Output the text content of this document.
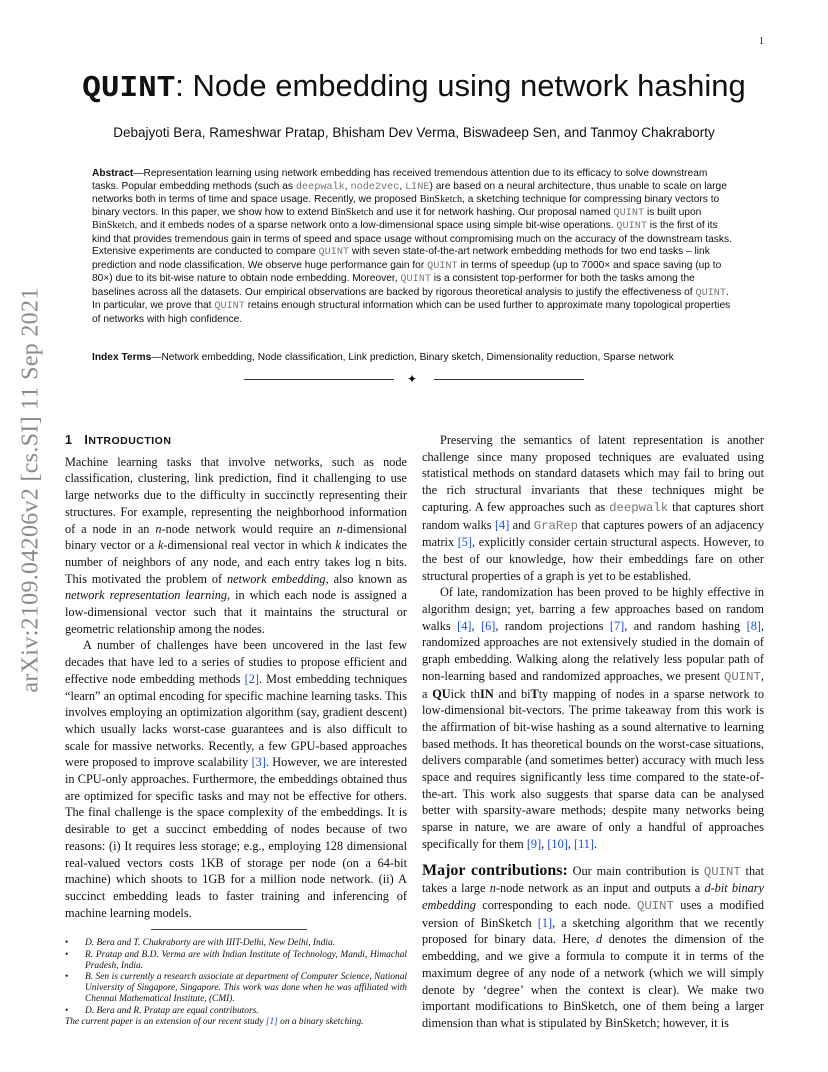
1
arXiv:2109.04206v2 [cs.SI] 11 Sep 2021
QUINT: Node embedding using network hashing
Debajyoti Bera, Rameshwar Pratap, Bhisham Dev Verma, Biswadeep Sen, and Tanmoy Chakraborty

Abstract—Representation learning using network embedding has received tremendous attention due to its efficacy to solve downstream tasks. Popular embedding methods (such as deepwalk, node2vec, LINE) are based on a neural architecture, thus unable to scale on large networks both in terms of time and space usage. Recently, we proposed BinSketch, a sketching technique for compressing binary vectors to binary vectors. In this paper, we show how to extend BinSketch and use it for network hashing. Our proposal named QUINT is built upon BinSketch, and it embeds nodes of a sparse network onto a low-dimensional space using simple bit-wise operations. QUINT is the first of its kind that provides tremendous gain in terms of speed and space usage without compromising much on the accuracy of the downstream tasks. Extensive experiments are conducted to compare QUINT with seven state-of-the-art network embedding methods for two end tasks – link prediction and node classification. We observe huge performance gain for QUINT in terms of speedup (up to 7000× and space saving (up to 80×) due to its bit-wise nature to obtain node embedding. Moreover, QUINT is a consistent top-performer for both the tasks among the baselines across all the datasets. Our empirical observations are backed by rigorous theoretical analysis to justify the effectiveness of QUINT. In particular, we prove that QUINT retains enough structural information which can be used further to approximate many topological properties of networks with high confidence.

Index Terms—Network embedding, Node classification, Link prediction, Binary sketch, Dimensionality reduction, Sparse network

✦
1 INTRODUCTION

Machine learning tasks that involve networks, such as node classification, clustering, link prediction, find it challenging to use large networks due to the difficulty in succinctly representing their structures. For example, representing the neighborhood information of a node in an n-node network would require an n-dimensional binary vector or a k-dimensional real vector in which k indicates the number of neighbors of any node, and each entry takes log n bits. This motivated the problem of network embedding, also known as network representation learning, in which each node is assigned a low-dimensional vector such that it maintains the structural or geometric relationship among the nodes.

A number of challenges have been uncovered in the last few decades that have led to a series of studies to propose efficient and effective node embedding methods [2]. Most embedding techniques “learn” an optimal encoding for specific machine learning tasks. This involves employing an optimization algorithm (say, gradient descent) which usually lacks worst-case guarantees and is also difficult to scale for massive networks. Recently, a few GPU-based approaches were proposed to improve scalability [3]. However, we are interested in CPU-only approaches. Furthermore, the embeddings obtained thus are optimized for specific tasks and may not be effective for others. The final challenge is the space complexity of the embeddings. It is desirable to get a succinct embedding of nodes because of two reasons: (i) It requires less storage; e.g., employing 128 dimensional real-valued vectors costs 1KB of storage per node (on a 64-bit machine) which shoots to 1GB for a million node network. (ii) A succinct embedding leads to faster training and inferencing of machine learning models.

• D. Bera and T. Chakraborty are with IIIT-Delhi, New Delhi, India.

• R. Pratap and B.D. Verma are with Indian Institute of Technology, Mandi, Himachal Pradesh, India.

• B. Sen is currently a research associate at department of Computer Science, National University of Singapore, Singapore. This work was done when he was affiliated with Chennai Mathematical Institute, (CMI).

• D. Bera and R. Pratap are equal contributors.

The current paper is an extension of our recent study [1] on a binary sketching.

Preserving the semantics of latent representation is another challenge since many proposed techniques are evaluated using statistical methods on standard datasets which may fail to bring out the rich structural invariants that these techniques might be capturing. A few approaches such as deepwalk that captures short random walks [4] and GraRep that captures powers of an adjacency matrix [5], explicitly consider certain structural aspects. However, to the best of our knowledge, how their embeddings fare on other structural properties of a graph is yet to be established.

Of late, randomization has been proved to be highly effective in algorithm design; yet, barring a few approaches based on random walks [4], [6], random projections [7], and random hashing [8], randomized approaches are not extensively studied in the domain of graph embedding. Walking along the relatively less popular path of non-learning based and randomized approaches, we present QUINT, a QUick thIN and biTty mapping of nodes in a sparse network to low-dimensional bit-vectors. The prime takeaway from this work is the affirmation of bit-wise hashing as a sound alternative to learning based methods. It has theoretical bounds on the worst-case situations, delivers comparable (and sometimes better) accuracy with much less space and requires significantly less time compared to the state-of-the-art. This work also suggests that sparse data can be analysed better with sparsity-aware methods; despite many networks being sparse in nature, we are aware of only a handful of approaches specifically for them [9], [10], [11].

Major contributions: Our main contribution is QUINT that takes a large n-node network as an input and outputs a d-bit binary embedding corresponding to each node. QUINT uses a modified version of BinSketch [1], a sketching algorithm that we recently proposed for binary data. Here, d denotes the dimension of the embedding, and we give a formula to compute it in terms of the maximum degree of any node of a network (which we will simply denote by ‘degree’ when the context is clear). We make two important modifications to BinSketch, one of them being a larger dimension than what is stipulated by BinSketch; however, it is
